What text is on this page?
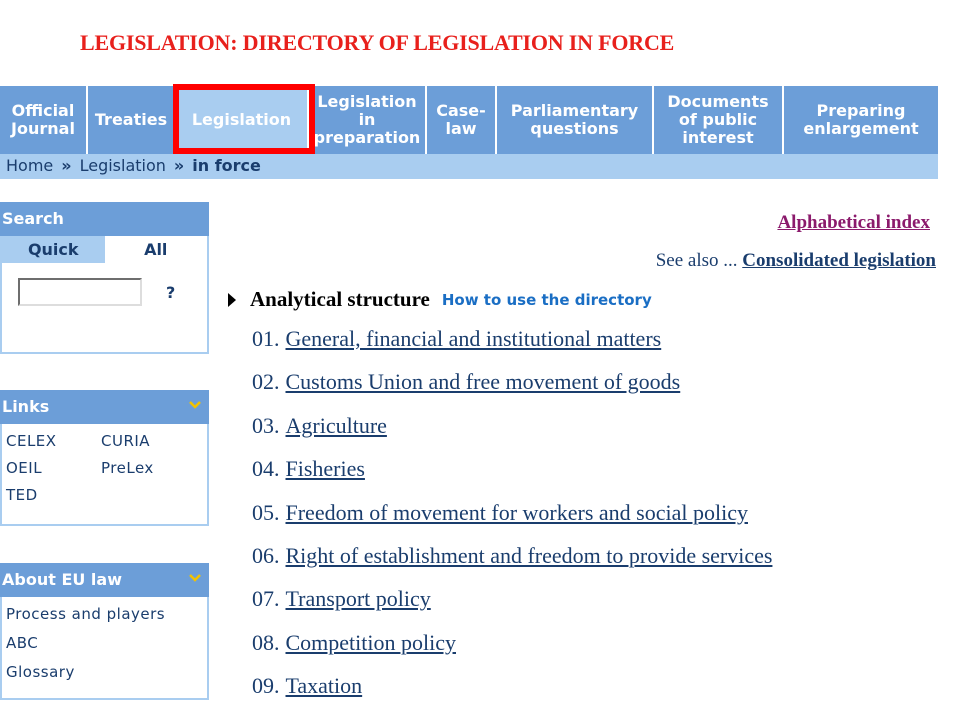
LEGISLATION: DIRECTORY OF LEGISLATION IN FORCE
Official
Journal Treaties Legislation
Legislation
in
preparation
Case-
law
Parliamentary
questions
Documents
of public
interest
Preparing
enlargement
Home » Legislation » in force
Search
Quick	All
?
Links
CELEX	CURIA
OEIL	PreLex
TED
About EU law
Process and players
ABC
Glossary
Alphabetical index
See also ... Consolidated legislation
Analytical structure How to use the directory
01. General, financial and institutional matters
02. Customs Union and free movement of goods
03. Agriculture
04. Fisheries
05. Freedom of movement for workers and social policy
06. Right of establishment and freedom to provide services
07. Transport policy
08. Competition policy
09. Taxation
